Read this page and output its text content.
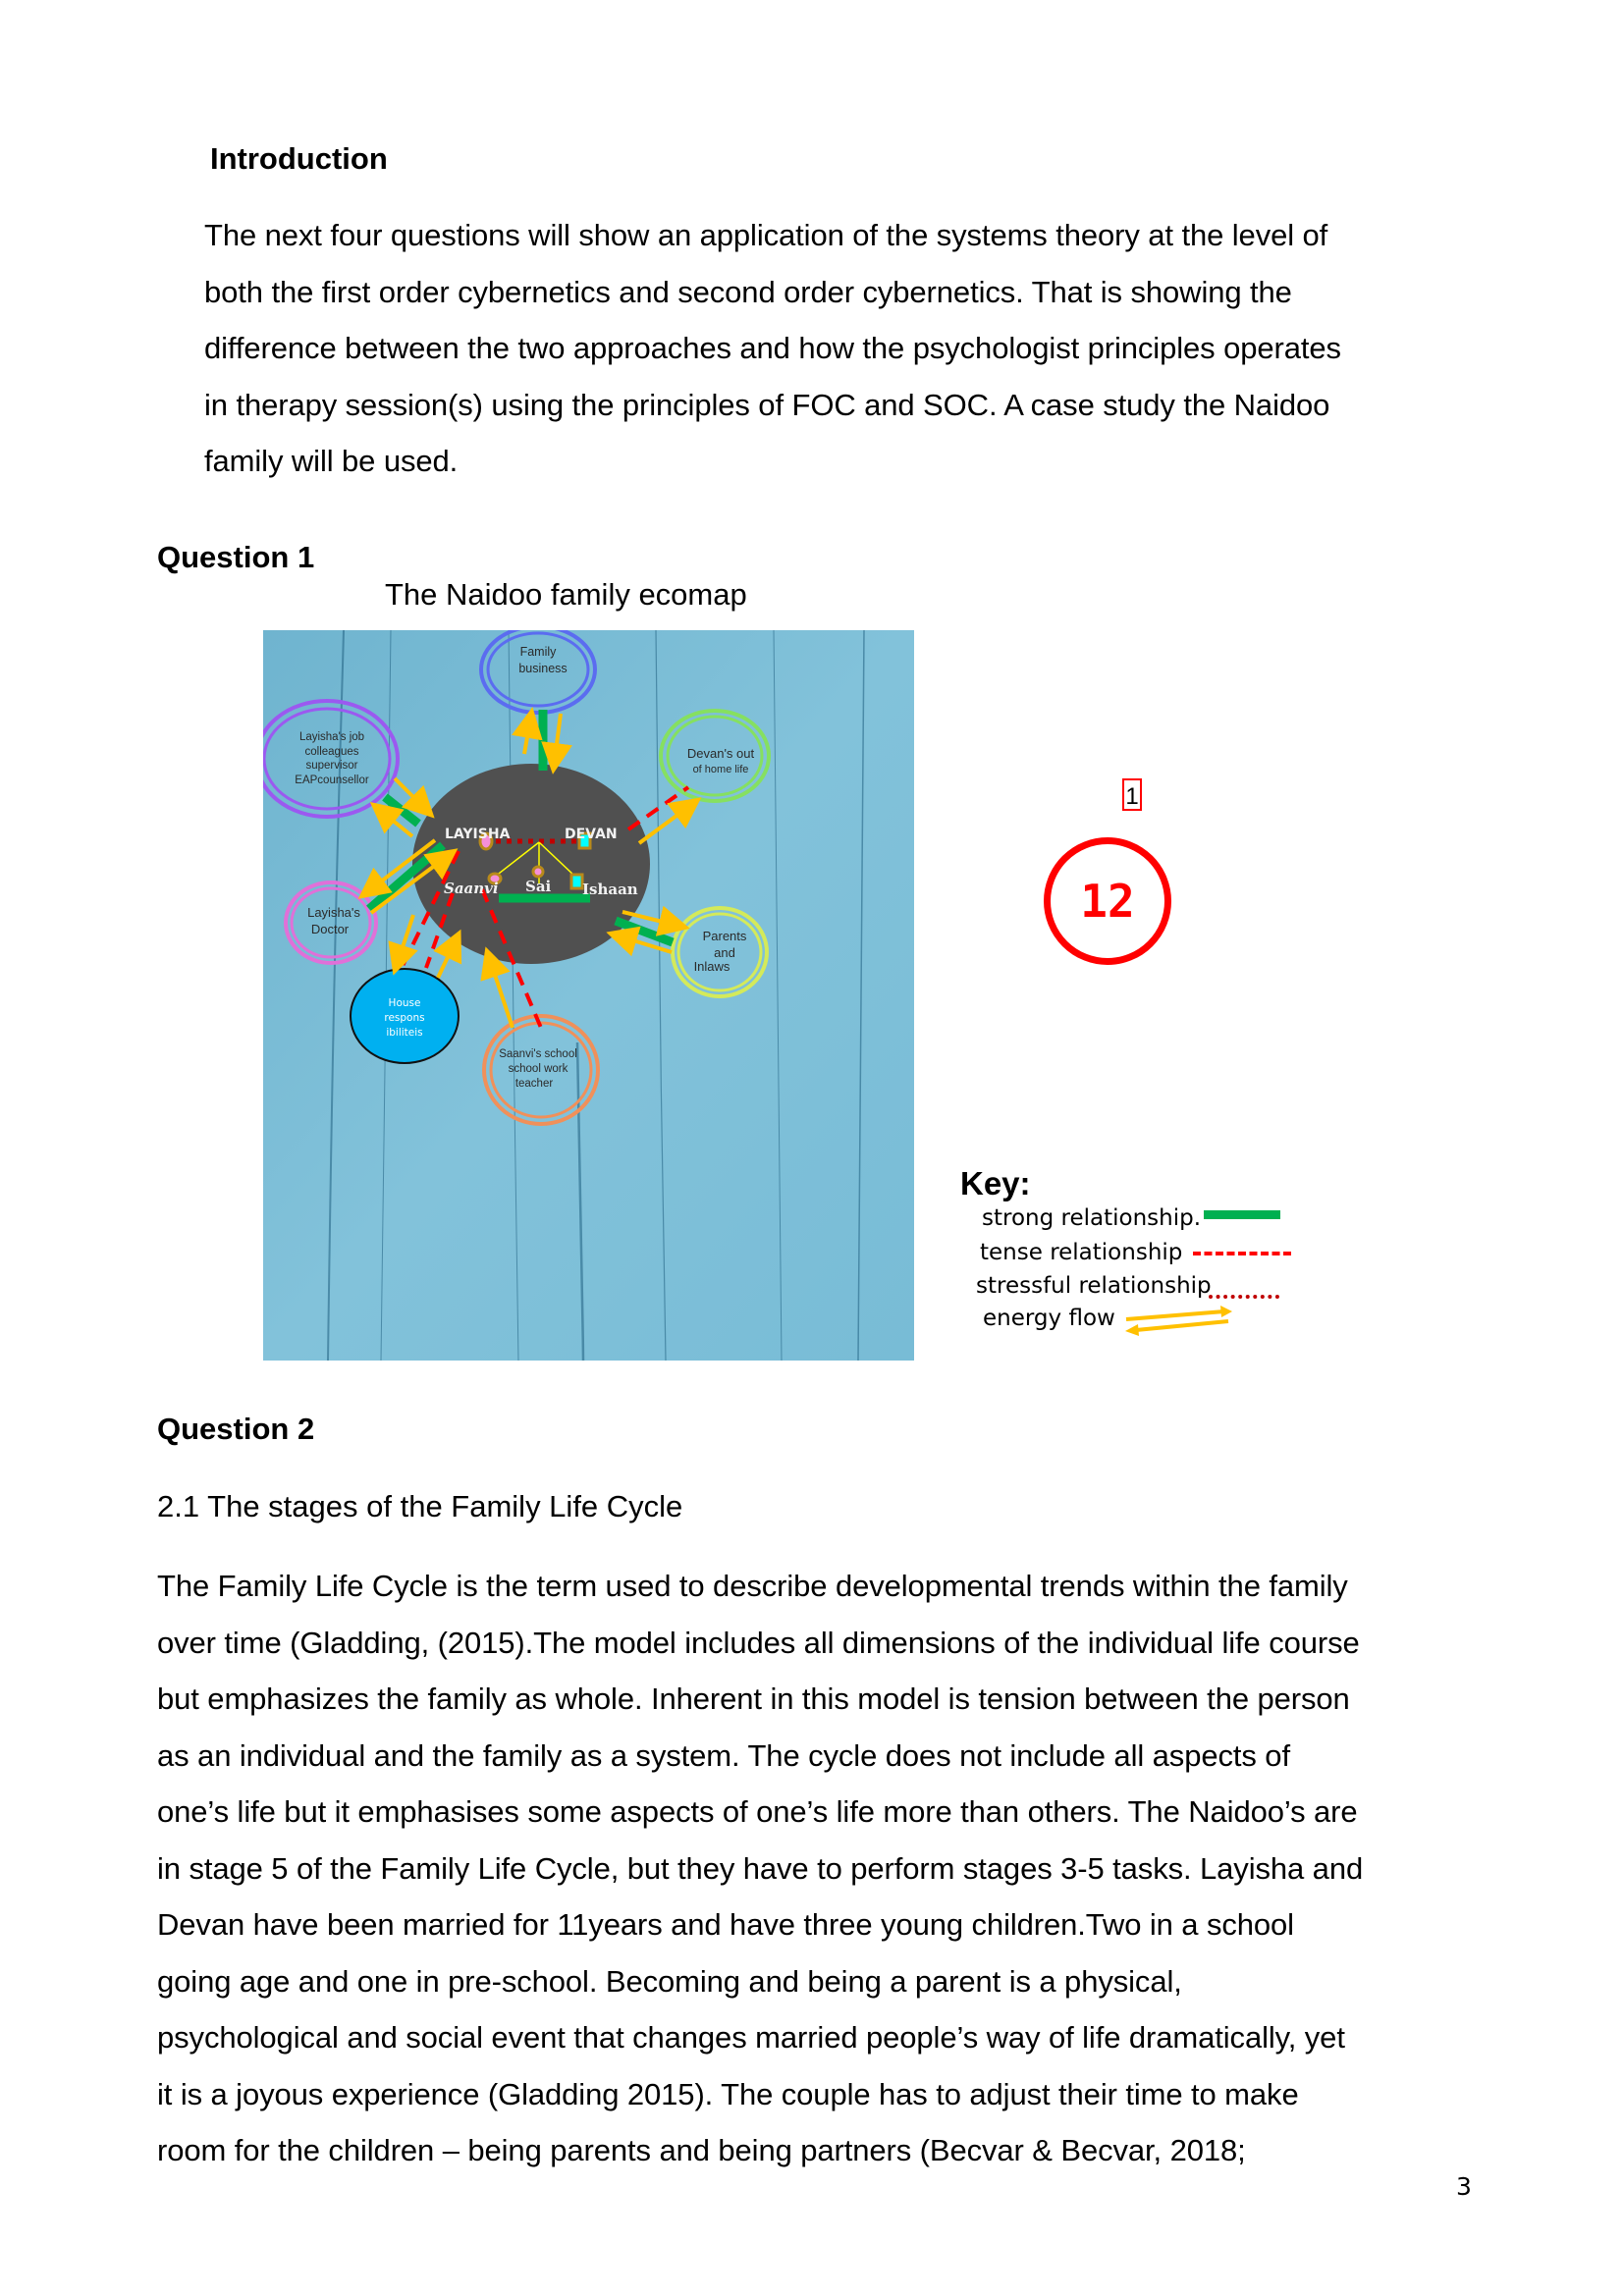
Introduction
The next four questions will show an application of the systems theory at the level of
both the first order cybernetics and second order cybernetics. That is showing the
difference between the two approaches and how the psychologist principles operates
in therapy session(s) using the principles of FOC and SOC. A case study the Naidoo
family will be used.
Question 1
The Naidoo family ecomap
LAYISHA	DEVAN
Saanvi Sai Ishaan
Family
business
Layisha's job
colleagues
supervisor
EAPcounsellor
Devan's out
of home life
Layisha's
Doctor	Parents
and
Inlaws
Saanvi's school
school work
teacher
House
respons
ibiliteis
1
12
Key:
strong relationship.
tense relationship
stressful relationship
energy flow
Question 2
2.1 The stages of the Family Life Cycle
The Family Life Cycle is the term used to describe developmental trends within the family
over time (Gladding, (2015).The model includes all dimensions of the individual life course
but emphasizes the family as whole. Inherent in this model is tension between the person
as an individual and the family as a system. The cycle does not include all aspects of
one’s life but it emphasises some aspects of one’s life more than others. The Naidoo’s are
in stage 5 of the Family Life Cycle, but they have to perform stages 3-5 tasks. Layisha and
Devan have been married for 11years and have three young children.Two in a school
going age and one in pre-school. Becoming and being a parent is a physical,
psychological and social event that changes married people’s way of life dramatically, yet
it is a joyous experience (Gladding 2015). The couple has to adjust their time to make
room for the children – being parents and being partners (Becvar & Becvar, 2018;
3
